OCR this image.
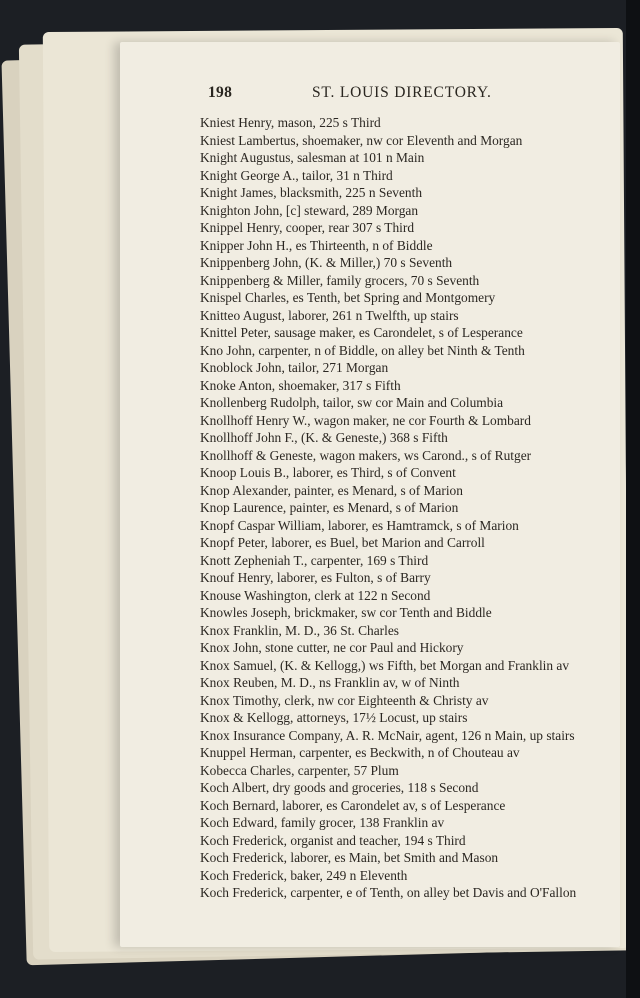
198	ST. LOUIS DIRECTORY.
Kniest Henry, mason, 225 s Third
Kniest Lambertus, shoemaker, nw cor Eleventh and Morgan
Knight Augustus, salesman at 101 n Main
Knight George A., tailor, 31 n Third
Knight James, blacksmith, 225 n Seventh
Knighton John, [c] steward, 289 Morgan
Knippel Henry, cooper, rear 307 s Third
Knipper John H., es Thirteenth, n of Biddle
Knippenberg John, (K. & Miller,) 70 s Seventh
Knippenberg & Miller, family grocers, 70 s Seventh
Knispel Charles, es Tenth, bet Spring and Montgomery
Knitteo August, laborer, 261 n Twelfth, up stairs
Knittel Peter, sausage maker, es Carondelet, s of Lesperance
Kno John, carpenter, n of Biddle, on alley bet Ninth & Tenth
Knoblock John, tailor, 271 Morgan
Knoke Anton, shoemaker, 317 s Fifth
Knollenberg Rudolph, tailor, sw cor Main and Columbia
Knollhoff Henry W., wagon maker, ne cor Fourth & Lombard
Knollhoff John F., (K. & Geneste,) 368 s Fifth
Knollhoff & Geneste, wagon makers, ws Carond., s of Rutger
Knoop Louis B., laborer, es Third, s of Convent
Knop Alexander, painter, es Menard, s of Marion
Knop Laurence, painter, es Menard, s of Marion
Knopf Caspar William, laborer, es Hamtramck, s of Marion
Knopf Peter, laborer, es Buel, bet Marion and Carroll
Knott Zepheniah T., carpenter, 169 s Third
Knouf Henry, laborer, es Fulton, s of Barry
Knouse Washington, clerk at 122 n Second
Knowles Joseph, brickmaker, sw cor Tenth and Biddle
Knox Franklin, M. D., 36 St. Charles
Knox John, stone cutter, ne cor Paul and Hickory
Knox Samuel, (K. & Kellogg,) ws Fifth, bet Morgan and Franklin av
Knox Reuben, M. D., ns Franklin av, w of Ninth
Knox Timothy, clerk, nw cor Eighteenth & Christy av
Knox & Kellogg, attorneys, 17½ Locust, up stairs
Knox Insurance Company, A. R. McNair, agent, 126 n Main, up stairs
Knuppel Herman, carpenter, es Beckwith, n of Chouteau av
Kobecca Charles, carpenter, 57 Plum
Koch Albert, dry goods and groceries, 118 s Second
Koch Bernard, laborer, es Carondelet av, s of Lesperance
Koch Edward, family grocer, 138 Franklin av
Koch Frederick, organist and teacher, 194 s Third
Koch Frederick, laborer, es Main, bet Smith and Mason
Koch Frederick, baker, 249 n Eleventh
Koch Frederick, carpenter, e of Tenth, on alley bet Davis and O'Fallon
